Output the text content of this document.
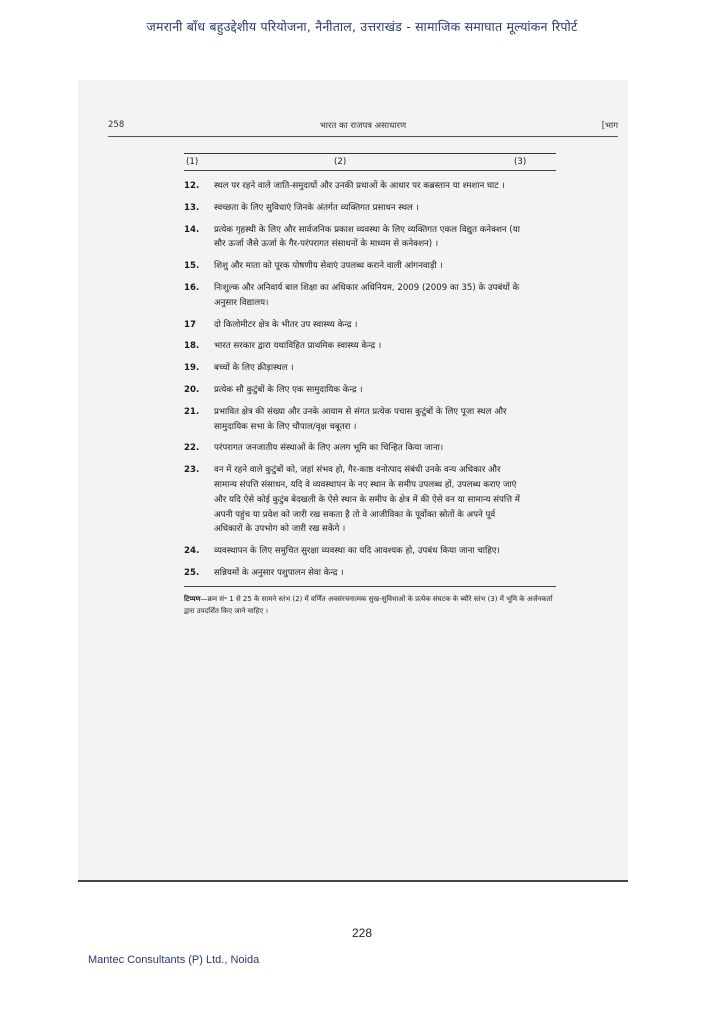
जमरानी बाँध बहुउद्देशीय परियोजना, नैनीताल, उत्तराखंड - सामाजिक समाघात मूल्यांकन रिपोर्ट
258	भारत का राजपत्र असाधारण	[भाग
(1)	(2)	(3)
12.	स्थल पर रहने वाले जाति-समुदायों और उनकी प्रथाओं के आधार पर कब्रस्तान या श्मशान घाट ।
13.	स्वच्छता के लिए सुविधाएं जिनके अंतर्गत व्यक्तिगत प्रसाधन स्थल ।
14.	प्रत्येक गृहस्थी के लिए और सार्वजनिक प्रकाश व्यवस्था के लिए व्यक्तिगत एकल विद्युत कनेक्शन (या सौर ऊर्जा जैसे ऊर्जा के गैर-परंपरागत संसाधनों के माध्यम से कनेक्शन) ।
15.	शिशु और माता को पूरक पोषणीय सेवाएं उपलब्ध कराने वाली आंगनवाड़ी ।
16.	निःशुल्क और अनिवार्य बाल शिक्षा का अधिकार अधिनियम, 2009 (2009 का 35) के उपबंधों के अनुसार विद्यालय।
17	दो किलोमीटर क्षेत्र के भीतर उप स्वास्थ्य केन्द्र ।
18.	भारत सरकार द्वारा यथाविहित प्राथमिक स्वास्थ्य केन्द्र ।
19.	बच्चों के लिए क्रीड़ास्थल ।
20.	प्रत्येक सौ कुटुंबों के लिए एक सामुदायिक केन्द्र ।
21.	प्रभावित क्षेत्र की संख्या और उनके आयाम से संगत प्रत्येक पचास कुटुंबों के लिए पूजा स्थल और सामुदायिक सभा के लिए चौपाल/वृक्ष चबूतरा ।
22.	परंपरागत जनजातीय संस्थाओं के लिए अलग भूमि का चिन्हित किया जाना।
23.	वन में रहने वाले कुटुंबों को, जहां संभव हो, गैर-काष्ठ वनोत्पाद संबंधी उनके वन्य अधिकार और सामान्य संपत्ति संसाधन, यदि वे व्यवस्थापन के नए स्थान के समीप उपलब्ध हों, उपलब्ध कराए जाएं और यदि ऐसे कोई कुटुंब बेदखली के ऐसे स्थान के समीप के क्षेत्र में की ऐसे वन या सामान्य संपत्ति में अपनी पहुंच या प्रवेश को जारी रख सकता है तो वे आजीविका के पूर्वोक्त स्रोतों के अपने पूर्व अधिकारों के उपभोग को जारी रख सकेंगे ।
24.	व्यवस्थापन के लिए समुचित सुरक्षा व्यवस्था का यदि आवश्यक हो, उपबंध किया जाना चाहिए।
25.	सन्नियमों के अनुसार पशुपालन सेवा केन्द्र ।
टिप्पण—क्रम सं॰ 1 से 25 के सामने स्तंभ (2) में वर्णित अवसंरचनात्मक सुख-सुविधाओं के प्रत्येक संघटक के ब्यौरे स्तंभ (3) में भूमि के अर्जनकर्ता द्वारा उपदर्शित किए जाने चाहिए ।
228
Mantec Consultants (P) Ltd., Noida
